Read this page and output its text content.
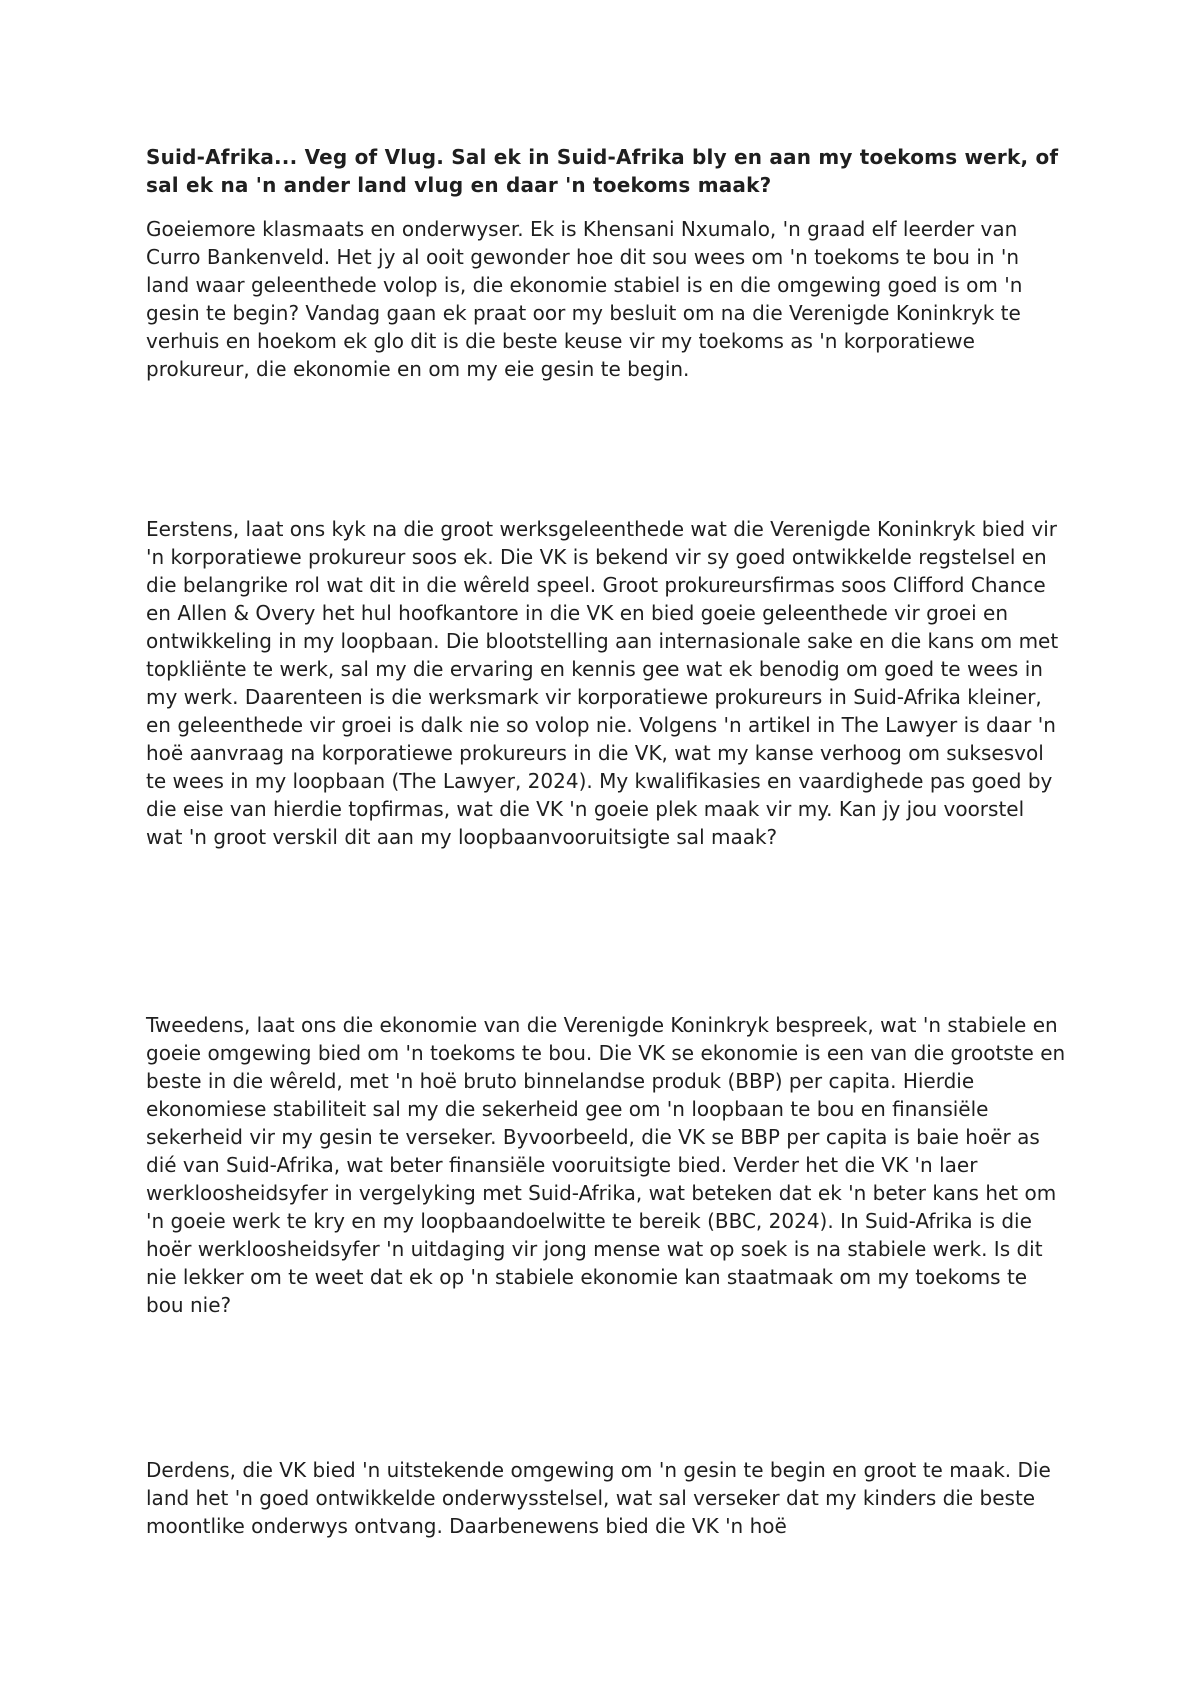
Suid-Afrika... Veg of Vlug. Sal ek in Suid-Afrika bly en aan my toekoms werk, of sal ek na 'n ander land vlug en daar 'n toekoms maak?

Goeiemore klasmaats en onderwyser. Ek is Khensani Nxumalo, 'n graad elf leerder van Curro Bankenveld. Het jy al ooit gewonder hoe dit sou wees om 'n toekoms te bou in 'n land waar geleenthede volop is, die ekonomie stabiel is en die omgewing goed is om 'n gesin te begin? Vandag gaan ek praat oor my besluit om na die Verenigde Koninkryk te verhuis en hoekom ek glo dit is die beste keuse vir my toekoms as 'n korporatiewe prokureur, die ekonomie en om my eie gesin te begin.

Eerstens, laat ons kyk na die groot werksgeleenthede wat die Verenigde Koninkryk bied vir 'n korporatiewe prokureur soos ek. Die VK is bekend vir sy goed ontwikkelde regstelsel en die belangrike rol wat dit in die wêreld speel. Groot prokureursfirmas soos Clifford Chance en Allen & Overy het hul hoofkantore in die VK en bied goeie geleenthede vir groei en ontwikkeling in my loopbaan. Die blootstelling aan internasionale sake en die kans om met topkliënte te werk, sal my die ervaring en kennis gee wat ek benodig om goed te wees in my werk. Daarenteen is die werksmark vir korporatiewe prokureurs in Suid-Afrika kleiner, en geleenthede vir groei is dalk nie so volop nie. Volgens 'n artikel in The Lawyer is daar 'n hoë aanvraag na korporatiewe prokureurs in die VK, wat my kanse verhoog om suksesvol te wees in my loopbaan (The Lawyer, 2024). My kwalifikasies en vaardighede pas goed by die eise van hierdie topfirmas, wat die VK 'n goeie plek maak vir my. Kan jy jou voorstel wat 'n groot verskil dit aan my loopbaanvooruitsigte sal maak?

Tweedens, laat ons die ekonomie van die Verenigde Koninkryk bespreek, wat 'n stabiele en goeie omgewing bied om 'n toekoms te bou. Die VK se ekonomie is een van die grootste en beste in die wêreld, met 'n hoë bruto binnelandse produk (BBP) per capita. Hierdie ekonomiese stabiliteit sal my die sekerheid gee om 'n loopbaan te bou en finansiële sekerheid vir my gesin te verseker. Byvoorbeeld, die VK se BBP per capita is baie hoër as dié van Suid-Afrika, wat beter finansiële vooruitsigte bied. Verder het die VK 'n laer werkloosheidsyfer in vergelyking met Suid-Afrika, wat beteken dat ek 'n beter kans het om 'n goeie werk te kry en my loopbaandoelwitte te bereik (BBC, 2024). In Suid-Afrika is die hoër werkloosheidsyfer 'n uitdaging vir jong mense wat op soek is na stabiele werk. Is dit nie lekker om te weet dat ek op 'n stabiele ekonomie kan staatmaak om my toekoms te bou nie?

Derdens, die VK bied 'n uitstekende omgewing om 'n gesin te begin en groot te maak. Die land het 'n goed ontwikkelde onderwysstelsel, wat sal verseker dat my kinders die beste moontlike onderwys ontvang. Daarbenewens bied die VK 'n hoë
